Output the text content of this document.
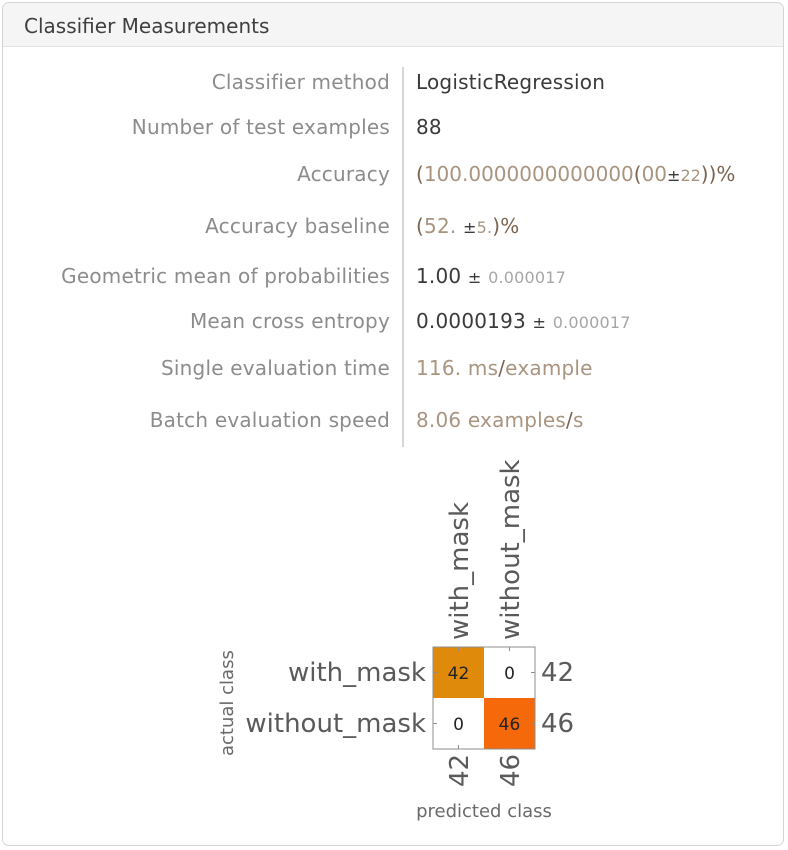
Classifier Measurements
Classifier method LogisticRegression
Number of test examples 88
Accuracy (100.0000000000000(00±22))%
Accuracy baseline (52. ±5.)%
Geometric mean of probabilities 1.00 ± 0.000017
Mean cross entropy 0.0000193 ± 0.000017
Single evaluation time 116. ms/example
Batch evaluation speed 8.06 examples/s
with_mask without_mask
actual class with_mask
without_mask
42 0
0 46
42
46
42 46
predicted class
